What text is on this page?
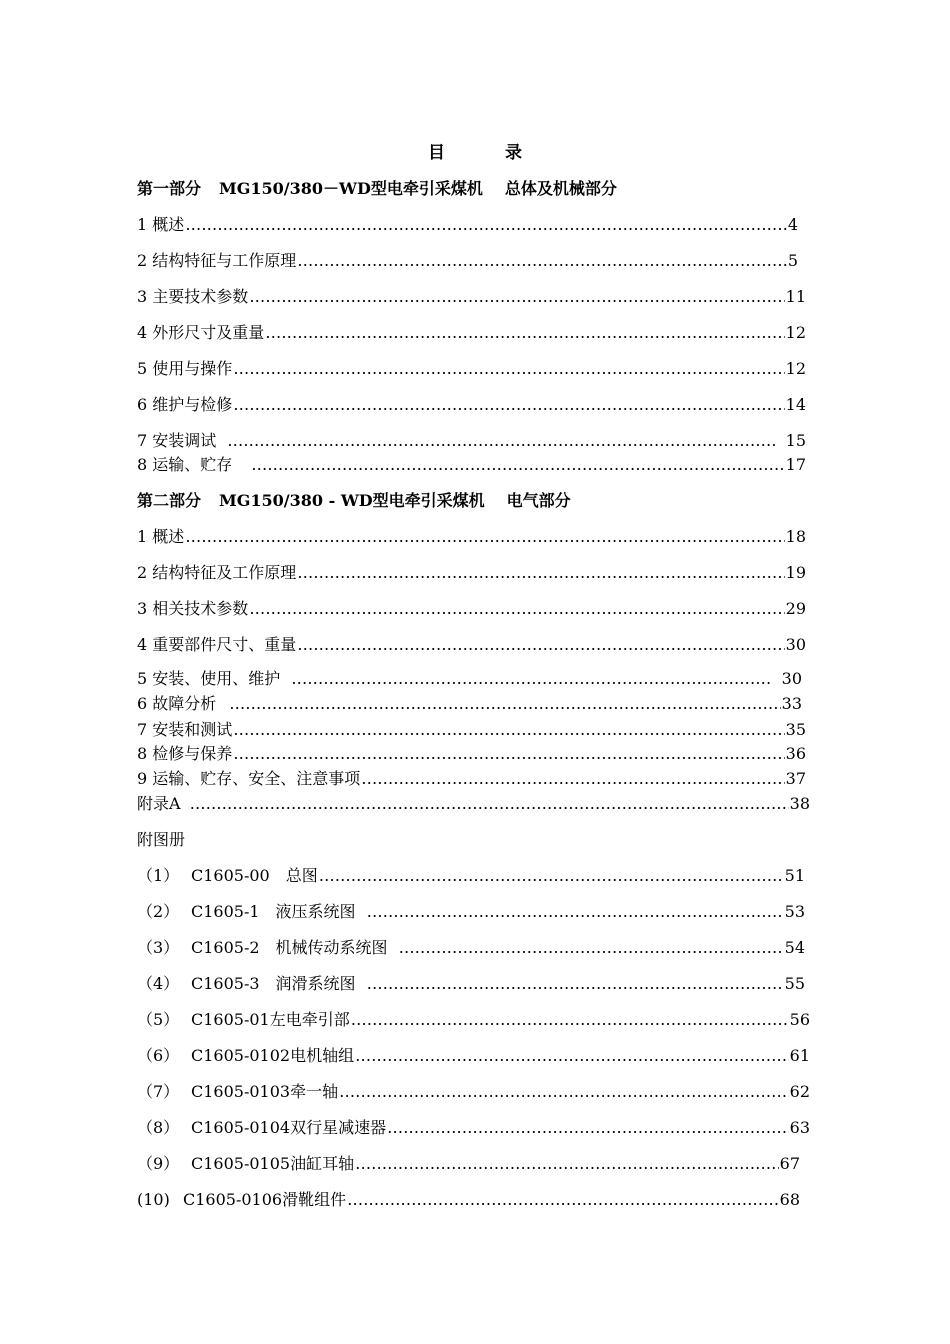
目	录
第一部分 MG150/380－WD型电牵引采煤机 总体及机械部分
1 概述 ………………………………………………………………………………………………………………………………………………………………………………………………………………	4
2 结构特征与工作原理 ………………………………………………………………………………………………………………………………………………………………………………………………………………	5
3 主要技术参数 ………………………………………………………………………………………………………………………………………………………………………………………………………………	11
4 外形尺寸及重量 ………………………………………………………………………………………………………………………………………………………………………………………………………………	12
5 使用与操作 ………………………………………………………………………………………………………………………………………………………………………………………………………………	12
6 维护与检修 ………………………………………………………………………………………………………………………………………………………………………………………………………………	14
7 安装调试 ………………………………………………………………………………………………………………………………………………………………………………………………………………	15
8 运输、贮存 ………………………………………………………………………………………………………………………………………………………………………………………………………………	17
第二部分 MG150/380 - WD型电牵引采煤机 电气部分
1 概述 ………………………………………………………………………………………………………………………………………………………………………………………………………………	18
2 结构特征及工作原理 ………………………………………………………………………………………………………………………………………………………………………………………………………………	19
3 相关技术参数 ………………………………………………………………………………………………………………………………………………………………………………………………………………	29
4 重要部件尺寸、重量 ………………………………………………………………………………………………………………………………………………………………………………………………………………	30
5 安装、使用、维护 ………………………………………………………………………………………………………………………………………………………………………………………………………………	30
6 故障分析 ………………………………………………………………………………………………………………………………………………………………………………………………………………	33
7 安装和测试 ………………………………………………………………………………………………………………………………………………………………………………………………………………	35
8 检修与保养 ………………………………………………………………………………………………………………………………………………………………………………………………………………	36
9 运输、贮存、安全、注意事项 ………………………………………………………………………………………………………………………………………………………………………………………………………………	37
附录A ………………………………………………………………………………………………………………………………………………………………………………………………………………	38
附图册
（1） C1605-00　总图 ………………………………………………………………………………………………………………………………………………………………………………………………………………	51
（2） C1605-1　液压系统图 ………………………………………………………………………………………………………………………………………………………………………………………………………………	53
（3） C1605-2　机械传动系统图 ………………………………………………………………………………………………………………………………………………………………………………………………………………	54
（4） C1605-3　润滑系统图 ………………………………………………………………………………………………………………………………………………………………………………………………………………	55
（5） C1605-01左电牵引部 ………………………………………………………………………………………………………………………………………………………………………………………………………………	56
（6） C1605-0102电机轴组 ………………………………………………………………………………………………………………………………………………………………………………………………………………	61
（7） C1605-0103牵一轴 ………………………………………………………………………………………………………………………………………………………………………………………………………………	62
（8） C1605-0104双行星减速器 ………………………………………………………………………………………………………………………………………………………………………………………………………………	63
（9） C1605-0105油缸耳轴 ………………………………………………………………………………………………………………………………………………………………………………………………………………	67
(10) C1605-0106滑靴组件 ………………………………………………………………………………………………………………………………………………………………………………………………………………	68
